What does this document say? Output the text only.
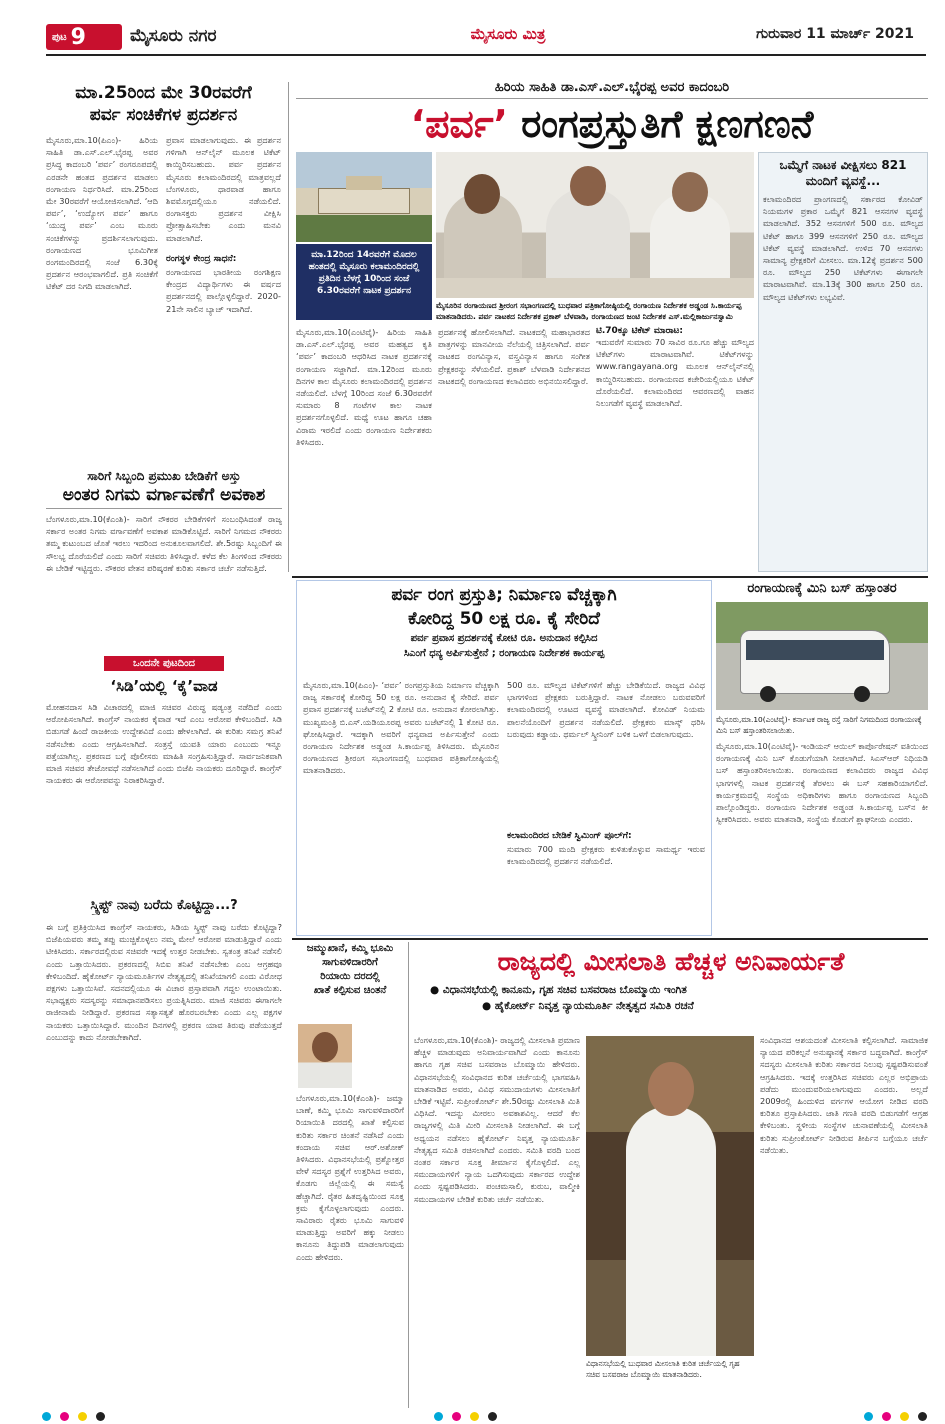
ಪುಟ 9	ಮೈಸೂರು ನಗರ	ಮೈಸೂರು ಮಿತ್ರ	ಗುರುವಾರ 11 ಮಾರ್ಚ್ 2021
ಮಾ.25ರಿಂದ ಮೇ 30ರವರೆಗೆ
ಪರ್ವ ಸಂಚಿಕೆಗಳ ಪ್ರದರ್ಶನ
ಮೈಸೂರು,ಮಾ.10(ಪಿಎಂ)- ಹಿರಿಯ ಸಾಹಿತಿ ಡಾ.ಎಸ್.ಎಲ್.ಭೈರಪ್ಪ ಅವರ ಪ್ರಸಿದ್ಧ ಕಾದಂಬರಿ ‘ಪರ್ವ’ ರಂಗರೂಪದಲ್ಲಿ ಎರಡನೇ ಹಂತದ ಪ್ರದರ್ಶನ ಮಾಡಲು ರಂಗಾಯಣ ನಿರ್ಧರಿಸಿದೆ. ಮಾ.25ರಿಂದ ಮೇ 30ರವರೆಗೆ ಆಯೋಜಿಸಲಾಗಿದೆ. ‘ಆದಿ ಪರ್ವ’, ‘ಉದ್ಯೋಗ ಪರ್ವ’ ಹಾಗೂ ‘ಯುದ್ಧ ಪರ್ವ’ ಎಂಬ ಮೂರು ಸಂಚಿಕೆಗಳನ್ನು ಪ್ರದರ್ಶಿಸಲಾಗುವುದು. ರಂಗಾಯಣದ ಭೂಮಿಗೀತ ರಂಗಮಂದಿರದಲ್ಲಿ ಸಂಜೆ 6.30ಕ್ಕೆ ಪ್ರದರ್ಶನ ಆರಂಭವಾಗಲಿದೆ. ಪ್ರತಿ ಸಂಚಿಕೆಗೆ ಟಿಕೆಟ್ ದರ ನಿಗದಿ ಮಾಡಲಾಗಿದೆ.
ಪ್ರವಾಸ ಮಾಡಲಾಗುವುದು. ಈ ಪ್ರದರ್ಶನ ಗಳಿಗಾಗಿ ಆನ್‌ಲೈನ್ ಮೂಲಕ ಟಿಕೆಟ್ ಕಾಯ್ದಿರಿಸಬಹುದು. ಪರ್ವ ಪ್ರದರ್ಶನ ಮೈಸೂರು ಕಲಾಮಂದಿರದಲ್ಲಿ ಮಾತ್ರವಲ್ಲದೆ ಬೆಂಗಳೂರು, ಧಾರವಾಡ ಹಾಗೂ ಶಿವಮೊಗ್ಗದಲ್ಲಿಯೂ ನಡೆಯಲಿದೆ. ರಂಗಾಸಕ್ತರು ಪ್ರದರ್ಶನ ವೀಕ್ಷಿಸಿ ಪ್ರೋತ್ಸಾಹಿಸಬೇಕು ಎಂದು ಮನವಿ ಮಾಡಲಾಗಿದೆ.
ರಂಗಸ್ಥಳ ಕೇಂದ್ರ ಸಾಧನೆ:
ರಂಗಾಯಣದ ಭಾರತೀಯ ರಂಗಶಿಕ್ಷಣ ಕೇಂದ್ರದ ವಿದ್ಯಾರ್ಥಿಗಳು ಈ ವರ್ಷದ ಪ್ರದರ್ಶನದಲ್ಲಿ ಪಾಲ್ಗೊಳ್ಳಲಿದ್ದಾರೆ. 2020-21ನೇ ಸಾಲಿನ ಬ್ಯಾಚ್ ಇದಾಗಿದೆ.
ಸಾರಿಗೆ ಸಿಬ್ಬಂದಿ ಪ್ರಮುಖ ಬೇಡಿಕೆಗೆ ಅಸ್ತು
ಅಂತರ ನಿಗಮ ವರ್ಗಾವಣೆಗೆ ಅವಕಾಶ
ಬೆಂಗಳೂರು,ಮಾ.10(ಕೆಎಂಶಿ)- ಸಾರಿಗೆ ನೌಕರರ ಬೇಡಿಕೆಗಳಿಗೆ ಸಂಬಂಧಿಸಿದಂತೆ ರಾಜ್ಯ ಸರ್ಕಾರ ಅಂತರ ನಿಗಮ ವರ್ಗಾವಣೆಗೆ ಅವಕಾಶ ಮಾಡಿಕೊಟ್ಟಿದೆ. ಸಾರಿಗೆ ನಿಗಮದ ನೌಕರರು ತಮ್ಮ ಕುಟುಂಬದ ಜೊತೆ ಇರಲು ಇದರಿಂದ ಅನುಕೂಲವಾಗಲಿದೆ. ಶೇ.5ರಷ್ಟು ಸಿಬ್ಬಂದಿಗೆ ಈ ಸೌಲಭ್ಯ ದೊರೆಯಲಿದೆ ಎಂದು ಸಾರಿಗೆ ಸಚಿವರು ತಿಳಿಸಿದ್ದಾರೆ. ಕಳೆದ ಕೆಲ ತಿಂಗಳಿಂದ ನೌಕರರು ಈ ಬೇಡಿಕೆ ಇಟ್ಟಿದ್ದರು. ನೌಕರರ ವೇತನ ಪರಿಷ್ಕರಣೆ ಕುರಿತು ಸರ್ಕಾರ ಚರ್ಚೆ ನಡೆಸುತ್ತಿದೆ.
ಒಂದನೇ ಪುಟದಿಂದ
‘ಸಿಡಿ’ಯಲ್ಲಿ ‘ಕೈ’ವಾಡ
ಮೋಹನದಾಸ ಸಿಡಿ ವಿಚಾರದಲ್ಲಿ ಮಾಜಿ ಸಚಿವರ ವಿರುದ್ಧ ಷಡ್ಯಂತ್ರ ನಡೆದಿದೆ ಎಂದು ಆರೋಪಿಸಲಾಗಿದೆ. ಕಾಂಗ್ರೆಸ್ ನಾಯಕರ ಕೈವಾಡ ಇದೆ ಎಂಬ ಆರೋಪ ಕೇಳಿಬಂದಿದೆ. ಸಿಡಿ ಬಿಡುಗಡೆ ಹಿಂದೆ ರಾಜಕೀಯ ಉದ್ದೇಶವಿದೆ ಎಂದು ಹೇಳಲಾಗಿದೆ. ಈ ಕುರಿತು ಸಮಗ್ರ ತನಿಖೆ ನಡೆಸಬೇಕು ಎಂದು ಆಗ್ರಹಿಸಲಾಗಿದೆ. ಸಂತ್ರಸ್ತೆ ಯುವತಿ ಯಾರು ಎಂಬುದು ಇನ್ನೂ ಪತ್ತೆಯಾಗಿಲ್ಲ. ಪ್ರಕರಣದ ಬಗ್ಗೆ ಪೊಲೀಸರು ಮಾಹಿತಿ ಸಂಗ್ರಹಿಸುತ್ತಿದ್ದಾರೆ. ಸಾರ್ವಜನಿಕವಾಗಿ ಮಾಜಿ ಸಚಿವರ ತೇಜೋವಧೆ ನಡೆಸಲಾಗಿದೆ ಎಂದು ಬಿಜೆಪಿ ನಾಯಕರು ದೂರಿದ್ದಾರೆ. ಕಾಂಗ್ರೆಸ್ ನಾಯಕರು ಈ ಆರೋಪವನ್ನು ನಿರಾಕರಿಸಿದ್ದಾರೆ.
ಸ್ಕ್ರಿಪ್ಟ್ ನಾವು ಬರೆದು ಕೊಟ್ಟಿದ್ದಾ...?
ಈ ಬಗ್ಗೆ ಪ್ರತಿಕ್ರಿಯಿಸಿದ ಕಾಂಗ್ರೆಸ್ ನಾಯಕರು, ಸಿಡಿಯ ಸ್ಕ್ರಿಪ್ಟ್ ನಾವು ಬರೆದು ಕೊಟ್ಟಿದ್ದಾ? ಬಿಜೆಪಿಯವರು ತಮ್ಮ ತಪ್ಪು ಮುಚ್ಚಿಕೊಳ್ಳಲು ನಮ್ಮ ಮೇಲೆ ಆರೋಪ ಮಾಡುತ್ತಿದ್ದಾರೆ ಎಂದು ಟೀಕಿಸಿದರು. ಸರ್ಕಾರದಲ್ಲಿರುವ ಸಚಿವರೇ ಇದಕ್ಕೆ ಉತ್ತರ ನೀಡಬೇಕು. ಸ್ವತಂತ್ರ ತನಿಖೆ ನಡೆಸಲಿ ಎಂದು ಒತ್ತಾಯಿಸಿದರು. ಪ್ರಕರಣದಲ್ಲಿ ಸಿಬಿಐ ತನಿಖೆ ನಡೆಸಬೇಕು ಎಂಬ ಆಗ್ರಹವೂ ಕೇಳಿಬಂದಿದೆ. ಹೈಕೋರ್ಟ್ ನ್ಯಾಯಮೂರ್ತಿಗಳ ನೇತೃತ್ವದಲ್ಲಿ ತನಿಖೆಯಾಗಲಿ ಎಂದು ವಿರೋಧ ಪಕ್ಷಗಳು ಒತ್ತಾಯಿಸಿವೆ. ಸದನದಲ್ಲಿಯೂ ಈ ವಿಚಾರ ಪ್ರಸ್ತಾಪವಾಗಿ ಗದ್ದಲ ಉಂಟಾಯಿತು. ಸಭಾಧ್ಯಕ್ಷರು ಸದಸ್ಯರನ್ನು ಸಮಾಧಾನಪಡಿಸಲು ಪ್ರಯತ್ನಿಸಿದರು. ಮಾಜಿ ಸಚಿವರು ಈಗಾಗಲೇ ರಾಜೀನಾಮೆ ನೀಡಿದ್ದಾರೆ. ಪ್ರಕರಣದ ಸತ್ಯಾಸತ್ಯತೆ ಹೊರಬರಬೇಕು ಎಂದು ಎಲ್ಲ ಪಕ್ಷಗಳ ನಾಯಕರು ಒತ್ತಾಯಿಸಿದ್ದಾರೆ. ಮುಂದಿನ ದಿನಗಳಲ್ಲಿ ಪ್ರಕರಣ ಯಾವ ತಿರುವು ಪಡೆಯುತ್ತದೆ ಎಂಬುದನ್ನು ಕಾದು ನೋಡಬೇಕಾಗಿದೆ.
ಹಿರಿಯ ಸಾಹಿತಿ ಡಾ.ಎಸ್.ಎಲ್.ಭೈರಪ್ಪ ಅವರ ಕಾದಂಬರಿ
‘ಪರ್ವ’ ರಂಗಪ್ರಸ್ತುತಿಗೆ ಕ್ಷಣಗಣನೆ
ಮಾ.12ರಿಂದ 14ರವರೆಗೆ ಮೊದಲ ಹಂತದಲ್ಲಿ ಮೈಸೂರು ಕಲಾಮಂದಿರದಲ್ಲಿ ಪ್ರತಿದಿನ ಬೆಳಗ್ಗೆ 10ರಿಂದ ಸಂಜೆ 6.30ರವರೆಗೆ ನಾಟಕ ಪ್ರದರ್ಶನ
ಮೈಸೂರಿನ ರಂಗಾಯಣದ ಶ್ರೀರಂಗ ಸಭಾಂಗಣದಲ್ಲಿ ಬುಧವಾರ ಪತ್ರಿಕಾಗೋಷ್ಠಿಯಲ್ಲಿ ರಂಗಾಯಣ ನಿರ್ದೇಶಕ ಅಡ್ಡಂಡ ಸಿ.ಕಾರ್ಯಪ್ಪ ಮಾತನಾಡಿದರು. ಪರ್ವ ನಾಟಕದ ನಿರ್ದೇಶಕ ಪ್ರಕಾಶ್ ಬೆಳವಾಡಿ, ರಂಗಾಯಣದ ಜಂಟಿ ನಿರ್ದೇಶಕ ಎಸ್.ಮಲ್ಲಿಕಾರ್ಜುನಸ್ವಾಮಿ
ಒಮ್ಮೆಗೆ ನಾಟಕ ವೀಕ್ಷಿಸಲು 821 ಮಂದಿಗೆ ವ್ಯವಸ್ಥೆ...
ಕಲಾಮಂದಿರದ ಪ್ರಾಂಗಣದಲ್ಲಿ ಸರ್ಕಾರದ ಕೋವಿಡ್ ನಿಯಮಗಳ ಪ್ರಕಾರ ಒಮ್ಮೆಗೆ 821 ಆಸನಗಳ ವ್ಯವಸ್ಥೆ ಮಾಡಲಾಗಿದೆ. 352 ಆಸನಗಳಿಗೆ 500 ರೂ. ಮೌಲ್ಯದ ಟಿಕೆಟ್ ಹಾಗೂ 399 ಆಸನಗಳಿಗೆ 250 ರೂ. ಮೌಲ್ಯದ ಟಿಕೆಟ್ ವ್ಯವಸ್ಥೆ ಮಾಡಲಾಗಿದೆ. ಉಳಿದ 70 ಆಸನಗಳು ಸಾಮಾನ್ಯ ಪ್ರೇಕ್ಷಕರಿಗೆ ಮೀಸಲು. ಮಾ.12ಕ್ಕೆ ಪ್ರದರ್ಶನ 500 ರೂ. ಮೌಲ್ಯದ 250 ಟಿಕೆಟ್‌ಗಳು ಈಗಾಗಲೇ ಮಾರಾಟವಾಗಿವೆ. ಮಾ.13ಕ್ಕೆ 300 ಹಾಗೂ 250 ರೂ. ಮೌಲ್ಯದ ಟಿಕೆಟ್‌ಗಳು ಲಭ್ಯವಿವೆ.
ಮೈಸೂರು,ಮಾ.10(ಎಂಟಿವೈ)- ಹಿರಿಯ ಸಾಹಿತಿ ಡಾ.ಎಸ್.ಎಲ್.ಭೈರಪ್ಪ ಅವರ ಮಹತ್ವದ ಕೃತಿ ‘ಪರ್ವ’ ಕಾದಂಬರಿ ಆಧರಿಸಿದ ನಾಟಕ ಪ್ರದರ್ಶನಕ್ಕೆ ರಂಗಾಯಣ ಸಜ್ಜಾಗಿದೆ. ಮಾ.12ರಿಂದ ಮೂರು ದಿನಗಳ ಕಾಲ ಮೈಸೂರು ಕಲಾಮಂದಿರದಲ್ಲಿ ಪ್ರದರ್ಶನ ನಡೆಯಲಿದೆ. ಬೆಳಗ್ಗೆ 10ರಿಂದ ಸಂಜೆ 6.30ರವರೆಗೆ ಸುಮಾರು 8 ಗಂಟೆಗಳ ಕಾಲ ನಾಟಕ ಪ್ರದರ್ಶನಗೊಳ್ಳಲಿದೆ. ಮಧ್ಯೆ ಊಟ ಹಾಗೂ ಚಹಾ ವಿರಾಮ ಇರಲಿದೆ ಎಂದು ರಂಗಾಯಣ ನಿರ್ದೇಶಕರು ತಿಳಿಸಿದರು.
ಪ್ರದರ್ಶನಕ್ಕೆ ಹೋಲಿಸಲಾಗಿದೆ. ನಾಟಕದಲ್ಲಿ ಮಹಾಭಾರತದ ಪಾತ್ರಗಳನ್ನು ಮಾನವೀಯ ನೆಲೆಯಲ್ಲಿ ಚಿತ್ರಿಸಲಾಗಿದೆ. ಪರ್ವ ನಾಟಕದ ರಂಗವಿನ್ಯಾಸ, ವಸ್ತ್ರವಿನ್ಯಾಸ ಹಾಗೂ ಸಂಗೀತ ಪ್ರೇಕ್ಷಕರನ್ನು ಸೆಳೆಯಲಿದೆ. ಪ್ರಕಾಶ್ ಬೆಳವಾಡಿ ನಿರ್ದೇಶನದ ನಾಟಕದಲ್ಲಿ ರಂಗಾಯಣದ ಕಲಾವಿದರು ಅಭಿನಯಿಸಲಿದ್ದಾರೆ.
ಟಿ.70ಕ್ಕೂ ಟಿಕೆಟ್ ಮಾರಾಟ:
ಇದುವರೆಗೆ ಸುಮಾರು 70 ಸಾವಿರ ರೂ.ಗೂ ಹೆಚ್ಚು ಮೌಲ್ಯದ ಟಿಕೆಟ್‌ಗಳು ಮಾರಾಟವಾಗಿವೆ. ಟಿಕೆಟ್‌ಗಳನ್ನು www.rangayana.org ಮೂಲಕ ಆನ್‌ಲೈನ್‌ನಲ್ಲಿ ಕಾಯ್ದಿರಿಸಬಹುದು. ರಂಗಾಯಣದ ಕಚೇರಿಯಲ್ಲಿಯೂ ಟಿಕೆಟ್ ದೊರೆಯಲಿದೆ. ಕಲಾಮಂದಿರದ ಆವರಣದಲ್ಲಿ ವಾಹನ ನಿಲುಗಡೆಗೆ ವ್ಯವಸ್ಥೆ ಮಾಡಲಾಗಿದೆ.
ಪರ್ವ ರಂಗ ಪ್ರಸ್ತುತಿ; ನಿರ್ಮಾಣ ವೆಚ್ಚಕ್ಕಾಗಿ
ಕೋರಿದ್ದ 50 ಲಕ್ಷ ರೂ. ಕೈ ಸೇರಿದೆ
ಪರ್ವ ಪ್ರವಾಸ ಪ್ರದರ್ಶನಕ್ಕೆ ಕೋಟಿ ರೂ. ಅನುದಾನ ಕಲ್ಪಿಸಿದ
ಸಿಎಂಗೆ ಧನ್ಯ ಅರ್ಪಿಸುತ್ತೇನೆ ; ರಂಗಾಯಣ ನಿರ್ದೇಶಕ ಕಾರ್ಯಪ್ಪ
ಮೈಸೂರು,ಮಾ.10(ಪಿಎಂ)- ‘ಪರ್ವ’ ರಂಗಪ್ರಸ್ತುತಿಯ ನಿರ್ಮಾಣ ವೆಚ್ಚಕ್ಕಾಗಿ ರಾಜ್ಯ ಸರ್ಕಾರಕ್ಕೆ ಕೋರಿದ್ದ 50 ಲಕ್ಷ ರೂ. ಅನುದಾನ ಕೈ ಸೇರಿದೆ. ಪರ್ವ ಪ್ರವಾಸ ಪ್ರದರ್ಶನಕ್ಕೆ ಬಜೆಟ್‌ನಲ್ಲಿ 2 ಕೋಟಿ ರೂ. ಅನುದಾನ ಕೋರಲಾಗಿತ್ತು. ಮುಖ್ಯಮಂತ್ರಿ ಬಿ.ಎಸ್.ಯಡಿಯೂರಪ್ಪ ಅವರು ಬಜೆಟ್‌ನಲ್ಲಿ 1 ಕೋಟಿ ರೂ. ಘೋಷಿಸಿದ್ದಾರೆ. ಇದಕ್ಕಾಗಿ ಅವರಿಗೆ ಧನ್ಯವಾದ ಅರ್ಪಿಸುತ್ತೇನೆ ಎಂದು ರಂಗಾಯಣ ನಿರ್ದೇಶಕ ಅಡ್ಡಂಡ ಸಿ.ಕಾರ್ಯಪ್ಪ ತಿಳಿಸಿದರು. ಮೈಸೂರಿನ ರಂಗಾಯಣದ ಶ್ರೀರಂಗ ಸಭಾಂಗಣದಲ್ಲಿ ಬುಧವಾರ ಪತ್ರಿಕಾಗೋಷ್ಠಿಯಲ್ಲಿ ಮಾತನಾಡಿದರು.
500 ರೂ. ಮೌಲ್ಯದ ಟಿಕೆಟ್‌ಗಳಿಗೆ ಹೆಚ್ಚು ಬೇಡಿಕೆಯಿದೆ. ರಾಜ್ಯದ ವಿವಿಧ ಭಾಗಗಳಿಂದ ಪ್ರೇಕ್ಷಕರು ಬರುತ್ತಿದ್ದಾರೆ. ನಾಟಕ ನೋಡಲು ಬರುವವರಿಗೆ ಕಲಾಮಂದಿರದಲ್ಲಿ ಊಟದ ವ್ಯವಸ್ಥೆ ಮಾಡಲಾಗಿದೆ. ಕೋವಿಡ್ ನಿಯಮ ಪಾಲನೆಯೊಂದಿಗೆ ಪ್ರದರ್ಶನ ನಡೆಯಲಿದೆ. ಪ್ರೇಕ್ಷಕರು ಮಾಸ್ಕ್ ಧರಿಸಿ ಬರುವುದು ಕಡ್ಡಾಯ. ಥರ್ಮಲ್ ಸ್ಕ್ರೀನಿಂಗ್ ಬಳಿಕ ಒಳಗೆ ಬಿಡಲಾಗುವುದು.
ಕಲಾಮಂದಿರದ ಬೇಡಿಕೆ ಸ್ವಿಮಿಂಗ್ ಪೂಲ್‌ಗೆ:
ಸುಮಾರು 700 ಮಂದಿ ಪ್ರೇಕ್ಷಕರು ಕುಳಿತುಕೊಳ್ಳುವ ಸಾಮರ್ಥ್ಯ ಇರುವ ಕಲಾಮಂದಿರದಲ್ಲಿ ಪ್ರದರ್ಶನ ನಡೆಯಲಿದೆ.
ರಂಗಾಯಣಕ್ಕೆ ಮಿನಿ ಬಸ್ ಹಸ್ತಾಂತರ
ಮೈಸೂರು,ಮಾ.10(ಎಂಟಿವೈ)- ಕರ್ನಾಟಕ ರಾಜ್ಯ ರಸ್ತೆ ಸಾರಿಗೆ ನಿಗಮದಿಂದ ರಂಗಾಯಣಕ್ಕೆ ಮಿನಿ ಬಸ್ ಹಸ್ತಾಂತರಿಸಲಾಯಿತು.
ಮೈಸೂರು,ಮಾ.10(ಎಂಟಿವೈ)- ಇಂಡಿಯನ್ ಆಯಿಲ್ ಕಾರ್ಪೊರೇಷನ್ ವತಿಯಿಂದ ರಂಗಾಯಣಕ್ಕೆ ಮಿನಿ ಬಸ್ ಕೊಡುಗೆಯಾಗಿ ನೀಡಲಾಗಿದೆ. ಸಿಎಸ್‌ಆರ್ ನಿಧಿಯಡಿ ಬಸ್ ಹಸ್ತಾಂತರಿಸಲಾಯಿತು. ರಂಗಾಯಣದ ಕಲಾವಿದರು ರಾಜ್ಯದ ವಿವಿಧ ಭಾಗಗಳಲ್ಲಿ ನಾಟಕ ಪ್ರದರ್ಶನಕ್ಕೆ ತೆರಳಲು ಈ ಬಸ್ ಸಹಕಾರಿಯಾಗಲಿದೆ. ಕಾರ್ಯಕ್ರಮದಲ್ಲಿ ಸಂಸ್ಥೆಯ ಅಧಿಕಾರಿಗಳು ಹಾಗೂ ರಂಗಾಯಣದ ಸಿಬ್ಬಂದಿ ಪಾಲ್ಗೊಂಡಿದ್ದರು. ರಂಗಾಯಣ ನಿರ್ದೇಶಕ ಅಡ್ಡಂಡ ಸಿ.ಕಾರ್ಯಪ್ಪ ಬಸ್‌ನ ಕೀ ಸ್ವೀಕರಿಸಿದರು. ಅವರು ಮಾತನಾಡಿ, ಸಂಸ್ಥೆಯ ಕೊಡುಗೆ ಶ್ಲಾಘನೀಯ ಎಂದರು.
ಜಮ್ಮುಖಾನೆ, ಕಮ್ಮಿ ಭೂಮಿ
ಸಾಗುವಳಿದಾರರಿಗೆ
ರಿಯಾಯಿ ದರದಲ್ಲಿ
ಖಾತೆ ಕಲ್ಪಿಸುವ ಚಿಂತನೆ
ಬೆಂಗಳೂರು,ಮಾ.10(ಕೆಎಂಶಿ)- ಜಮ್ಮಾ ಬಾಣೆ, ಕಮ್ಮಿ ಭೂಮಿ ಸಾಗುವಳಿದಾರರಿಗೆ ರಿಯಾಯಿತಿ ದರದಲ್ಲಿ ಖಾತೆ ಕಲ್ಪಿಸುವ ಕುರಿತು ಸರ್ಕಾರ ಚಿಂತನೆ ನಡೆಸಿದೆ ಎಂದು ಕಂದಾಯ ಸಚಿವ ಆರ್.ಅಶೋಕ್ ತಿಳಿಸಿದರು. ವಿಧಾನಸಭೆಯಲ್ಲಿ ಪ್ರಶ್ನೋತ್ತರ ವೇಳೆ ಸದಸ್ಯರ ಪ್ರಶ್ನೆಗೆ ಉತ್ತರಿಸಿದ ಅವರು, ಕೊಡಗು ಜಿಲ್ಲೆಯಲ್ಲಿ ಈ ಸಮಸ್ಯೆ ಹೆಚ್ಚಾಗಿದೆ. ರೈತರ ಹಿತದೃಷ್ಟಿಯಿಂದ ಸೂಕ್ತ ಕ್ರಮ ಕೈಗೊಳ್ಳಲಾಗುವುದು ಎಂದರು. ಸಾವಿರಾರು ರೈತರು ಭೂಮಿ ಸಾಗುವಳಿ ಮಾಡುತ್ತಿದ್ದು ಅವರಿಗೆ ಹಕ್ಕು ನೀಡಲು ಕಾನೂನು ತಿದ್ದುಪಡಿ ಮಾಡಲಾಗುವುದು ಎಂದು ಹೇಳಿದರು.
ರಾಜ್ಯದಲ್ಲಿ ಮೀಸಲಾತಿ ಹೆಚ್ಚಳ ಅನಿವಾರ್ಯತೆ
● ವಿಧಾನಸಭೆಯಲ್ಲಿ ಕಾನೂನು, ಗೃಹ ಸಚಿವ ಬಸವರಾಜ ಬೊಮ್ಮಾಯಿ ಇಂಗಿತ
● ಹೈಕೋರ್ಟ್ ನಿವೃತ್ತ ನ್ಯಾಯಮೂರ್ತಿ ನೇತೃತ್ವದ ಸಮಿತಿ ರಚನೆ
ಬೆಂಗಳೂರು,ಮಾ.10(ಕೆಎಂಶಿ)- ರಾಜ್ಯದಲ್ಲಿ ಮೀಸಲಾತಿ ಪ್ರಮಾಣ ಹೆಚ್ಚಳ ಮಾಡುವುದು ಅನಿವಾರ್ಯವಾಗಿದೆ ಎಂದು ಕಾನೂನು ಹಾಗೂ ಗೃಹ ಸಚಿವ ಬಸವರಾಜ ಬೊಮ್ಮಾಯಿ ಹೇಳಿದರು. ವಿಧಾನಸಭೆಯಲ್ಲಿ ಸಂವಿಧಾನದ ಕುರಿತ ಚರ್ಚೆಯಲ್ಲಿ ಭಾಗವಹಿಸಿ ಮಾತನಾಡಿದ ಅವರು, ವಿವಿಧ ಸಮುದಾಯಗಳು ಮೀಸಲಾತಿಗೆ ಬೇಡಿಕೆ ಇಟ್ಟಿವೆ. ಸುಪ್ರೀಂಕೋರ್ಟ್ ಶೇ.50ರಷ್ಟು ಮೀಸಲಾತಿ ಮಿತಿ ವಿಧಿಸಿದೆ. ಇದನ್ನು ಮೀರಲು ಅವಕಾಶವಿಲ್ಲ. ಆದರೆ ಕೆಲ ರಾಜ್ಯಗಳಲ್ಲಿ ಮಿತಿ ಮೀರಿ ಮೀಸಲಾತಿ ನೀಡಲಾಗಿದೆ. ಈ ಬಗ್ಗೆ ಅಧ್ಯಯನ ನಡೆಸಲು ಹೈಕೋರ್ಟ್ ನಿವೃತ್ತ ನ್ಯಾಯಮೂರ್ತಿ ನೇತೃತ್ವದ ಸಮಿತಿ ರಚಿಸಲಾಗಿದೆ ಎಂದರು. ಸಮಿತಿ ವರದಿ ಬಂದ ನಂತರ ಸರ್ಕಾರ ಸೂಕ್ತ ತೀರ್ಮಾನ ಕೈಗೊಳ್ಳಲಿದೆ. ಎಲ್ಲ ಸಮುದಾಯಗಳಿಗೆ ನ್ಯಾಯ ಒದಗಿಸುವುದು ಸರ್ಕಾರದ ಉದ್ದೇಶ ಎಂದು ಸ್ಪಷ್ಟಪಡಿಸಿದರು. ಪಂಚಮಸಾಲಿ, ಕುರುಬ, ವಾಲ್ಮೀಕಿ ಸಮುದಾಯಗಳ ಬೇಡಿಕೆ ಕುರಿತು ಚರ್ಚೆ ನಡೆಯಿತು.
ವಿಧಾನಸಭೆಯಲ್ಲಿ ಬುಧವಾರ ಮೀಸಲಾತಿ ಕುರಿತ ಚರ್ಚೆಯಲ್ಲಿ ಗೃಹ ಸಚಿವ ಬಸವರಾಜ ಬೊಮ್ಮಾಯಿ ಮಾತನಾಡಿದರು.
ಸಂವಿಧಾನದ ಆಶಯದಂತೆ ಮೀಸಲಾತಿ ಕಲ್ಪಿಸಲಾಗಿದೆ. ಸಾಮಾಜಿಕ ನ್ಯಾಯದ ಪರಿಕಲ್ಪನೆ ಅನುಷ್ಠಾನಕ್ಕೆ ಸರ್ಕಾರ ಬದ್ಧವಾಗಿದೆ. ಕಾಂಗ್ರೆಸ್ ಸದಸ್ಯರು ಮೀಸಲಾತಿ ಕುರಿತು ಸರ್ಕಾರದ ನಿಲುವು ಸ್ಪಷ್ಟಪಡಿಸುವಂತೆ ಆಗ್ರಹಿಸಿದರು. ಇದಕ್ಕೆ ಉತ್ತರಿಸಿದ ಸಚಿವರು ಎಲ್ಲರ ಅಭಿಪ್ರಾಯ ಪಡೆದು ಮುಂದುವರಿಯಲಾಗುವುದು ಎಂದರು. ಅಲ್ಲದೆ 2009ರಲ್ಲಿ ಹಿಂದುಳಿದ ವರ್ಗಗಳ ಆಯೋಗ ನೀಡಿದ ವರದಿ ಕುರಿತೂ ಪ್ರಸ್ತಾಪಿಸಿದರು. ಜಾತಿ ಗಣತಿ ವರದಿ ಬಿಡುಗಡೆಗೆ ಆಗ್ರಹ ಕೇಳಿಬಂತು. ಸ್ಥಳೀಯ ಸಂಸ್ಥೆಗಳ ಚುನಾವಣೆಯಲ್ಲಿ ಮೀಸಲಾತಿ ಕುರಿತು ಸುಪ್ರೀಂಕೋರ್ಟ್ ನೀಡಿರುವ ತೀರ್ಪಿನ ಬಗ್ಗೆಯೂ ಚರ್ಚೆ ನಡೆಯಿತು.
